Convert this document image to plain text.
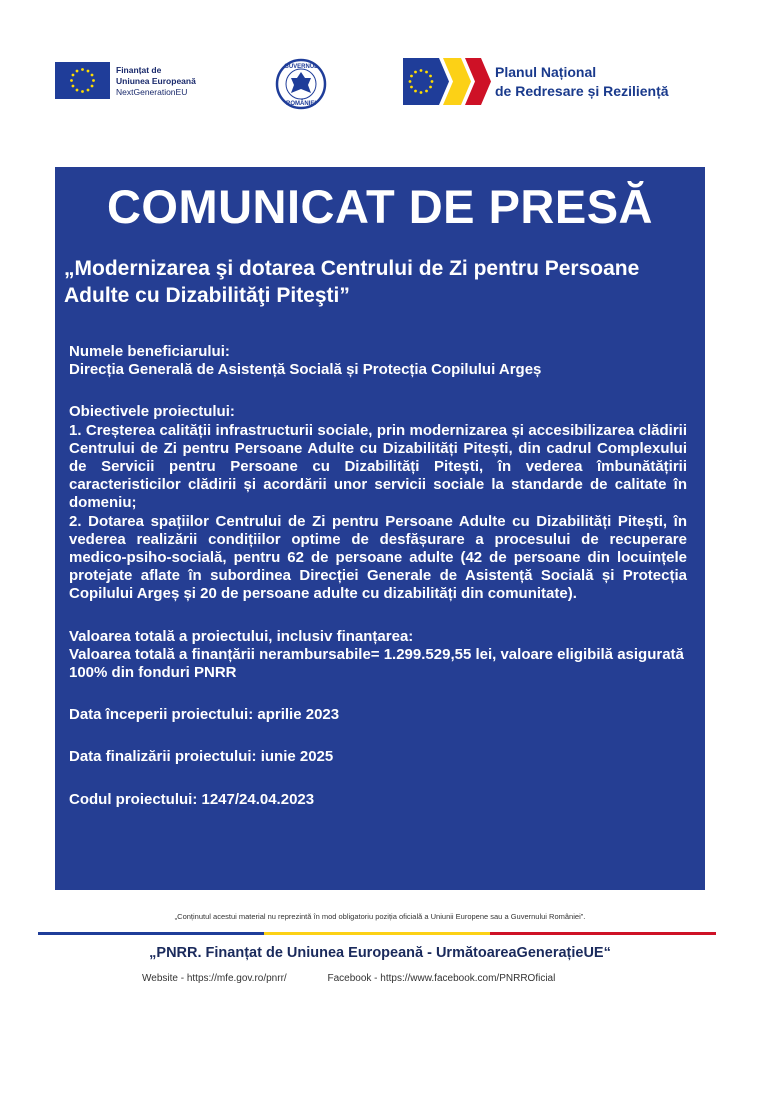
Finanțat de
Uniunea Europeană
NextGenerationEU
GUVERNUL
ROMÂNIEI
Planul Național
de Redresare și Reziliență
COMUNICAT DE PRESĂ
„Modernizarea şi dotarea Centrului de Zi pentru Persoane Adulte cu Dizabilităţi Piteşti”

Numele beneficiarului:

Direcția Generală de Asistență Socială și Protecția Copilului Argeș

Obiectivele proiectului:

1. Creșterea calității infrastructurii sociale, prin modernizarea și accesibilizarea clădirii Centrului de Zi pentru Persoane Adulte cu Dizabilități Pitești, din cadrul Complexului de Servicii pentru Persoane cu Dizabilități Pitești, în vederea îmbunătățirii caracteristicilor clădirii și acordării unor servicii sociale la standarde de calitate în domeniu;

2. Dotarea spațiilor Centrului de Zi pentru Persoane Adulte cu Dizabilități Pitești, în vederea realizării condițiilor optime de desfășurare a procesului de recuperare medico-psiho-socială, pentru 62 de persoane adulte (42 de persoane din locuințele protejate aflate în subordinea Direcției Generale de Asistență Socială și Protecția Copilului Argeș și 20 de persoane adulte cu dizabilități din comunitate).

Valoarea totală a proiectului, inclusiv finanțarea:

Valoarea totală a finanțării nerambursabile= 1.299.529,55 lei, valoare eligibilă asigurată 100% din fonduri PNRR

Data începerii proiectului: aprilie 2023

Data finalizării proiectului: iunie 2025

Codul proiectului: 1247/24.04.2023

„Conținutul acestui material nu reprezintă în mod obligatoriu poziția oficială a Uniunii Europene sau a Guvernului României”.
„PNRR. Finanțat de Uniunea Europeană - UrmătoareaGenerațieUE“
Website - https://mfe.gov.ro/pnrr/	Facebook - https://www.facebook.com/PNRROficial
